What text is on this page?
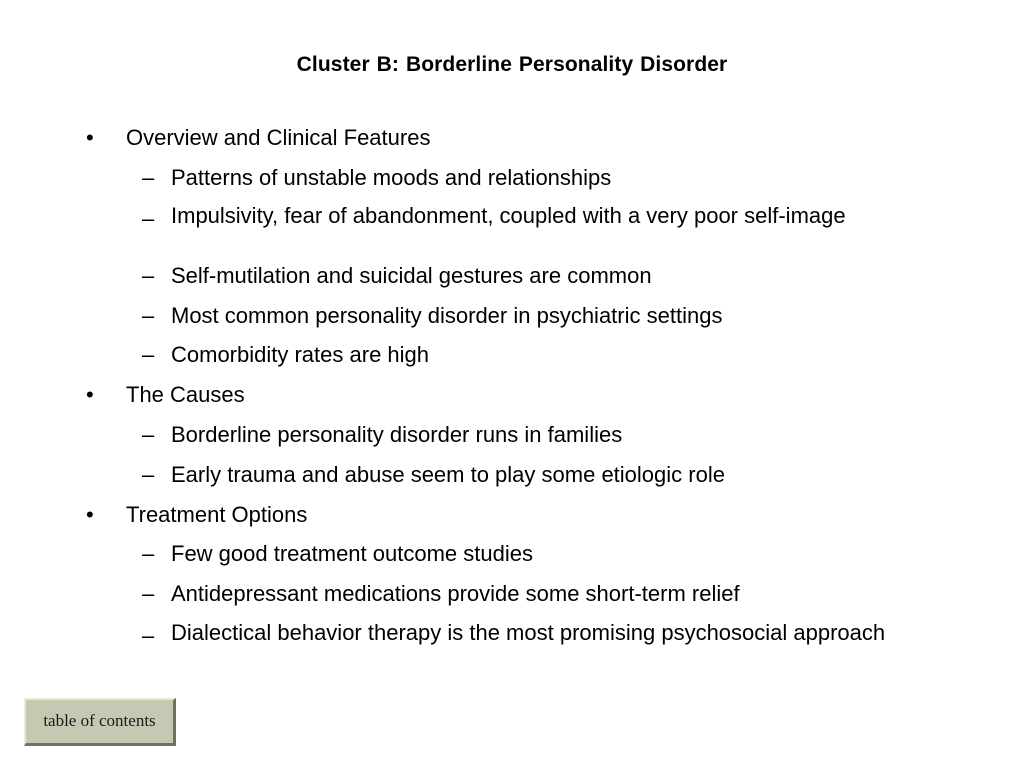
Cluster B: Borderline Personality Disorder
• Overview and Clinical Features
– Patterns of unstable moods and relationships
– Impulsivity, fear of abandonment, coupled with a very poor self-image
– Self-mutilation and suicidal gestures are common
– Most common personality disorder in psychiatric settings
– Comorbidity rates are high
• The Causes
– Borderline personality disorder runs in families
– Early trauma and abuse seem to play some etiologic role
• Treatment Options
– Few good treatment outcome studies
– Antidepressant medications provide some short-term relief
– Dialectical behavior therapy is the most promising psychosocial approach
table of contents
